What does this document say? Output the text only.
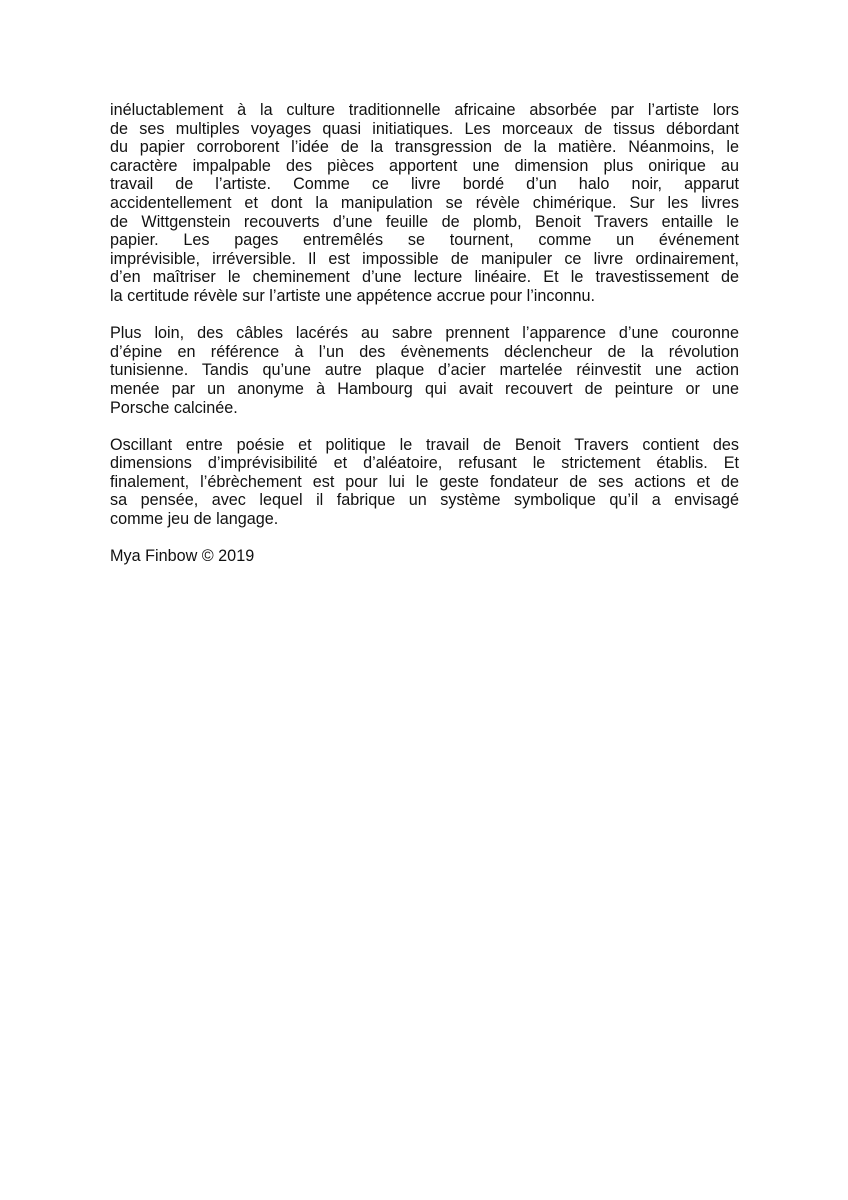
inéluctablement à la culture traditionnelle africaine absorbée par l’artiste lors
de ses multiples voyages quasi initiatiques. Les morceaux de tissus débordant
du papier corroborent l’idée de la transgression de la matière. Néanmoins, le
caractère impalpable des pièces apportent une dimension plus onirique au
travail de l’artiste. Comme ce livre bordé d’un halo noir, apparut
accidentellement et dont la manipulation se révèle chimérique. Sur les livres
de Wittgenstein recouverts d’une feuille de plomb, Benoit Travers entaille le
papier. Les pages entremêlés se tournent, comme un événement
imprévisible, irréversible. Il est impossible de manipuler ce livre ordinairement,
d’en maîtriser le cheminement d’une lecture linéaire. Et le travestissement de
la certitude révèle sur l’artiste une appétence accrue pour l’inconnu.
Plus loin, des câbles lacérés au sabre prennent l’apparence d’une couronne
d’épine en référence à l’un des évènements déclencheur de la révolution
tunisienne. Tandis qu’une autre plaque d’acier martelée réinvestit une action
menée par un anonyme à Hambourg qui avait recouvert de peinture or une
Porsche calcinée.
Oscillant entre poésie et politique le travail de Benoit Travers contient des
dimensions d’imprévisibilité et d’aléatoire, refusant le strictement établis. Et
finalement, l’ébrèchement est pour lui le geste fondateur de ses actions et de
sa pensée, avec lequel il fabrique un système symbolique qu’il a envisagé
comme jeu de langage.

Mya Finbow © 2019
